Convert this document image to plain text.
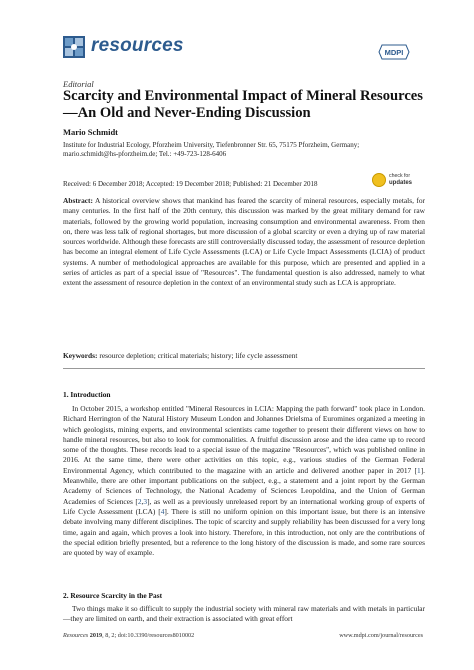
resources	MDPI
Editorial
Scarcity and Environmental Impact of Mineral Resources—An Old and Never-Ending Discussion
Mario Schmidt
Institute for Industrial Ecology, Pforzheim University, Tiefenbronner Str. 65, 75175 Pforzheim, Germany;
mario.schmidt@hs-pforzheim.de; Tel.: +49-723-128-6406
Received: 6 December 2018; Accepted: 19 December 2018; Published: 21 December 2018
check for
updates

Abstract: A historical overview shows that mankind has feared the scarcity of mineral resources, especially metals, for many centuries. In the first half of the 20th century, this discussion was marked by the great military demand for raw materials, followed by the growing world population, increasing consumption and environmental awareness. From then on, there was less talk of regional shortages, but more discussion of a global scarcity or even a drying up of raw material sources worldwide. Although these forecasts are still controversially discussed today, the assessment of resource depletion has become an integral element of Life Cycle Assessments (LCA) or Life Cycle Impact Assessments (LCIA) of product systems. A number of methodological approaches are available for this purpose, which are presented and applied in a series of articles as part of a special issue of "Resources". The fundamental question is also addressed, namely to what extent the assessment of resource depletion in the context of an environmental study such as LCA is appropriate.

Keywords: resource depletion; critical materials; history; life cycle assessment
1. Introduction

In October 2015, a workshop entitled "Mineral Resources in LCIA: Mapping the path forward" took place in London. Richard Herrington of the Natural History Museum London and Johannes Drielsma of Euromines organized a meeting in which geologists, mining experts, and environmental scientists came together to present their different views on how to handle mineral resources, but also to look for commonalities. A fruitful discussion arose and the idea came up to record some of the thoughts. These records lead to a special issue of the magazine "Resources", which was published online in 2016. At the same time, there were other activities on this topic, e.g., various studies of the German Federal Environmental Agency, which contributed to the magazine with an article and delivered another paper in 2017 [1]. Meanwhile, there are other important publications on the subject, e.g., a statement and a joint report by the German Academy of Sciences of Technology, the National Academy of Sciences Leopoldina, and the Union of German Academies of Sciences [2,3], as well as a previously unreleased report by an international working group of experts of Life Cycle Assessment (LCA) [4]. There is still no uniform opinion on this important issue, but there is an intensive debate involving many different disciplines. The topic of scarcity and supply reliability has been discussed for a very long time, again and again, which proves a look into history. Therefore, in this introduction, not only are the contributions of the special edition briefly presented, but a reference to the long history of the discussion is made, and some rare sources are quoted by way of example.

2. Resource Scarcity in the Past

Two things make it so difficult to supply the industrial society with mineral raw materials and with metals in particular—they are limited on earth, and their extraction is associated with great effort

Resources 2019, 8, 2; doi:10.3390/resources8010002	www.mdpi.com/journal/resources
